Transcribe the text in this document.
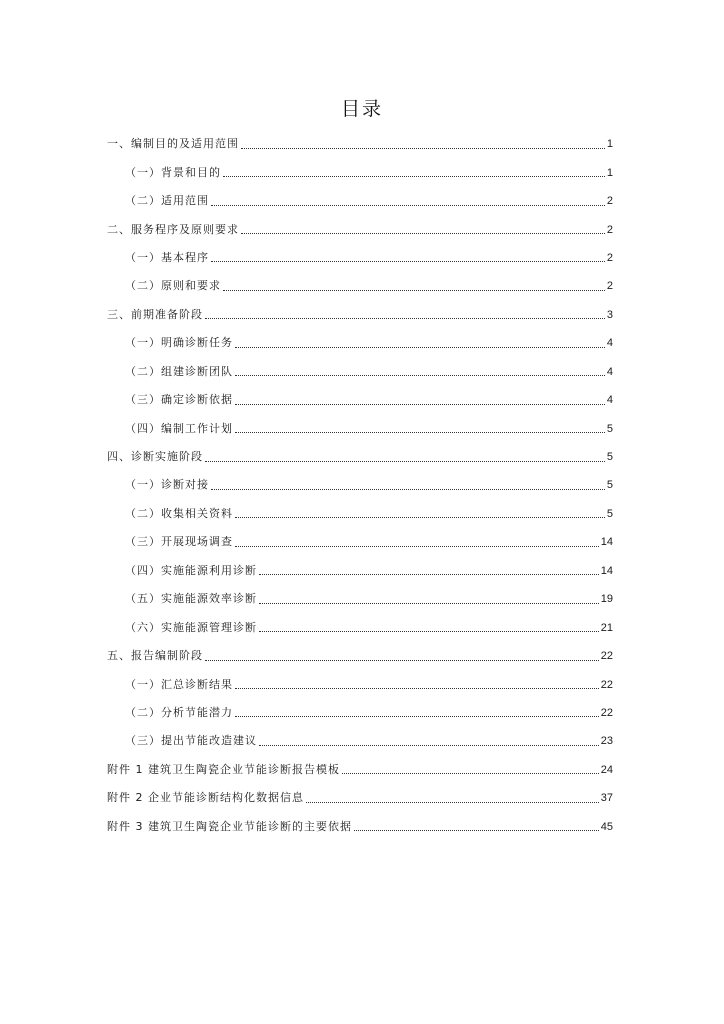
目录
一、编制目的及适用范围	1
（一）背景和目的	1
（二）适用范围	2
二、服务程序及原则要求	2
（一）基本程序	2
（二）原则和要求	2
三、前期准备阶段	3
（一）明确诊断任务	4
（二）组建诊断团队	4
（三）确定诊断依据	4
（四）编制工作计划	5
四、诊断实施阶段	5
（一）诊断对接	5
（二）收集相关资料	5
（三）开展现场调查	14
（四）实施能源利用诊断	14
（五）实施能源效率诊断	19
（六）实施能源管理诊断	21
五、报告编制阶段	22
（一）汇总诊断结果	22
（二）分析节能潜力	22
（三）提出节能改造建议	23
附件 1 建筑卫生陶瓷企业节能诊断报告模板	24
附件 2 企业节能诊断结构化数据信息	37
附件 3 建筑卫生陶瓷企业节能诊断的主要依据	45
